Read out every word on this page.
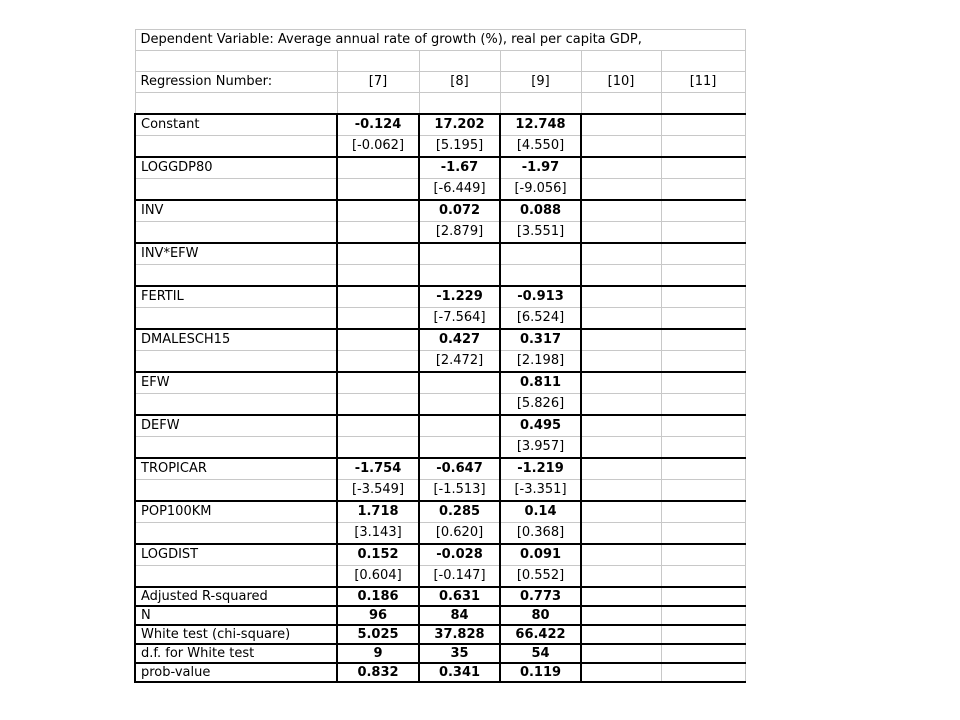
Dependent Variable: Average annual rate of growth (%), real per capita GDP,					

Regression Number:	[7]	[8]	[9]	[10]	[11]

Constant	-0.124	17.202	12.748		
	[-0.062]	[5.195]	[4.550]		
LOGGDP80		-1.67	-1.97		
		[-6.449]	[-9.056]		
INV		0.072	0.088		
		[2.879]	[3.551]		
INV*EFW					

FERTIL		-1.229	-0.913		
		[-7.564]	[6.524]		
DMALESCH15		0.427	0.317		
		[2.472]	[2.198]		
EFW			0.811		
			[5.826]		
DEFW			0.495		
			[3.957]		
TROPICAR	-1.754	-0.647	-1.219		
	[-3.549]	[-1.513]	[-3.351]		
POP100KM	1.718	0.285	0.14		
	[3.143]	[0.620]	[0.368]		
LOGDIST	0.152	-0.028	0.091		
	[0.604]	[-0.147]	[0.552]		
Adjusted R-squared	0.186	0.631	0.773		
N	96	84	80		
White test (chi-square)	5.025	37.828	66.422		
d.f. for White test	9	35	54		
prob-value	0.832	0.341	0.119		
